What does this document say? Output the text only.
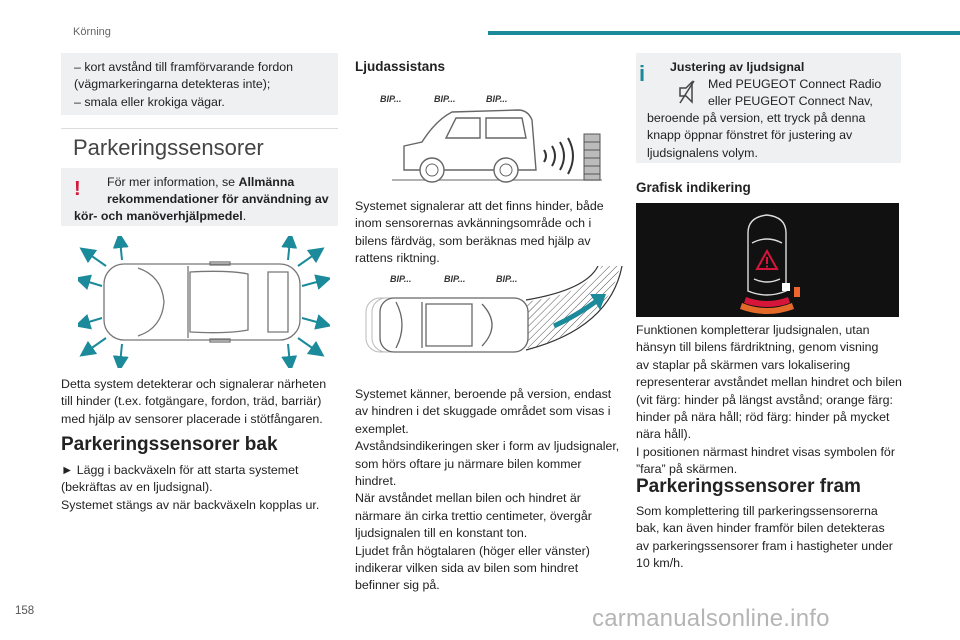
Körning

– kort avstånd till framförvarande fordon

(vägmarkeringarna detekteras inte);

– smala eller krokiga vägar.

Parkeringssensorer
! För mer information, se Allmänna

rekommendationer för användning av

kör- och manöverhjälpmedel.

Detta system detekterar och signalerar närheten

till hinder (t.ex. fotgängare, fordon, träd, barriär)

med hjälp av sensorer placerade i stötfångaren.

Parkeringssensorer bak

► Lägg i backväxeln för att starta systemet

(bekräftas av en ljudsignal).

Systemet stängs av när backväxeln kopplas ur.

Ljudassistans
BIP...	BIP...	BIP...

Systemet signalerar att det finns hinder, både

inom sensorernas avkänningsområde och i

bilens färdväg, som beräknas med hjälp av

rattens riktning.

BIP...	BIP...	BIP...

Systemet känner, beroende på version, endast

av hindren i det skuggade området som visas i

exemplet.

Avståndsindikeringen sker i form av ljudsignaler,

som hörs oftare ju närmare bilen kommer

hindret.

När avståndet mellan bilen och hindret är

närmare än cirka trettio centimeter, övergår

ljudsignalen till en konstant ton.

Ljudet från högtalaren (höger eller vänster)

indikerar vilken sida av bilen som hindret

befinner sig på.

i Justering av ljudsignal

Med PEUGEOT Connect Radio

eller PEUGEOT Connect Nav,

beroende på version, ett tryck på denna

knapp öppnar fönstret för justering av

ljudsignalens volym.

Grafisk indikering

Funktionen kompletterar ljudsignalen, utan

hänsyn till bilens färdriktning, genom visning

av staplar på skärmen vars lokalisering

representerar avståndet mellan hindret och bilen

(vit färg: hinder på längst avstånd; orange färg:

hinder på nära håll; röd färg: hinder på mycket

nära håll).

I positionen närmast hindret visas symbolen för

”fara” på skärmen.

Parkeringssensorer fram

Som komplettering till parkeringssensorerna

bak, kan även hinder framför bilen detekteras

av parkeringssensorer fram i hastigheter under

10 km/h.

158	carmanualsonline.info
